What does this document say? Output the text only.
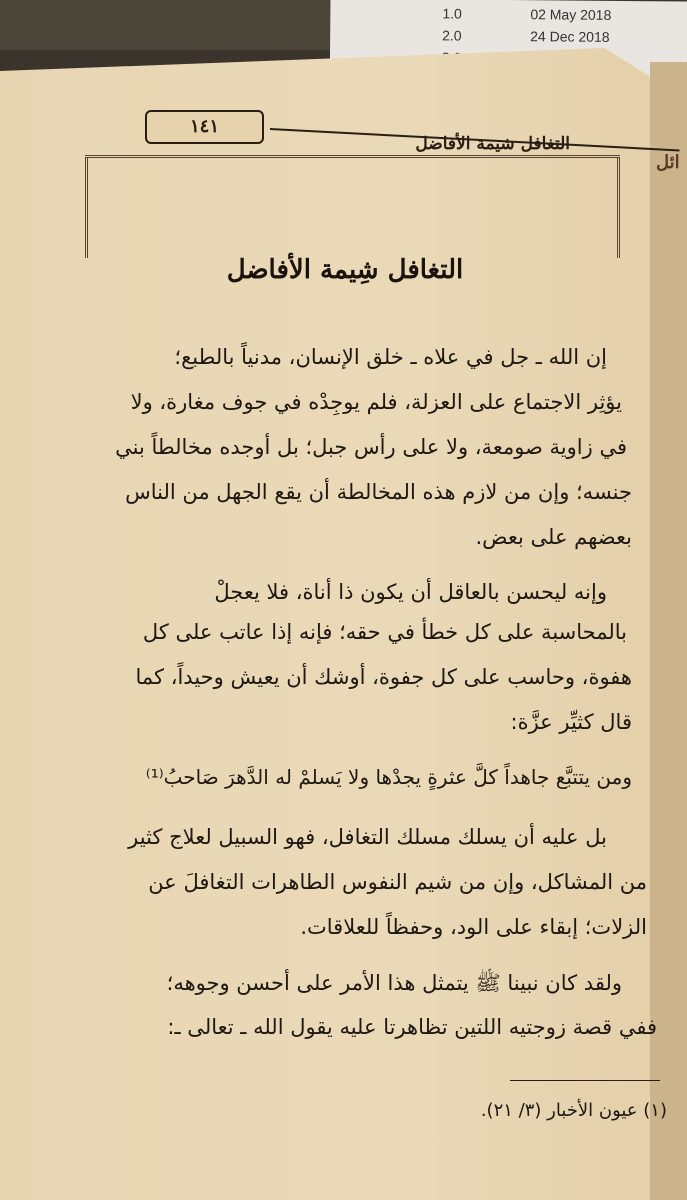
1.0	02 May 2018
2.0	24 Dec 2018
ائل
١٤١
التغافل شيمة الأفاضل
التغافل شِيمة الأفاضل
إن الله ـ جل في علاه ـ خلق الإنسان، مدنياً بالطبع؛
يؤثِر الاجتماع على العزلة، فلم يوجِدْه في جوف مغارة، ولا
في زاوية صومعة، ولا على رأس جبل؛ بل أوجده مخالطاً بني
جنسه؛ وإن من لازم هذه المخالطة أن يقع الجهل من الناس
بعضهم على بعض.
وإنه ليحسن بالعاقل أن يكون ذا أناة، فلا يعجلْ
بالمحاسبة على كل خطأ في حقه؛ فإنه إذا عاتب على كل
هفوة، وحاسب على كل جفوة، أوشك أن يعيش وحيداً، كما
قال كثيِّر عزَّة:
ومن يتتبَّع جاهداً كلَّ عثرةٍ يجدْها ولا يَسلمْ له الدَّهرَ صَاحبُ⁽¹⁾
بل عليه أن يسلك مسلك التغافل، فهو السبيل لعلاج كثير
من المشاكل، وإن من شيم النفوس الطاهرات التغافلَ عن
الزلات؛ إبقاء على الود، وحفظاً للعلاقات.
ولقد كان نبينا ﷺ يتمثل هذا الأمر على أحسن وجوهه؛
ففي قصة زوجتيه اللتين تظاهرتا عليه يقول الله ـ تعالى ـ:
(١) عيون الأخبار (٣/ ٢١).
